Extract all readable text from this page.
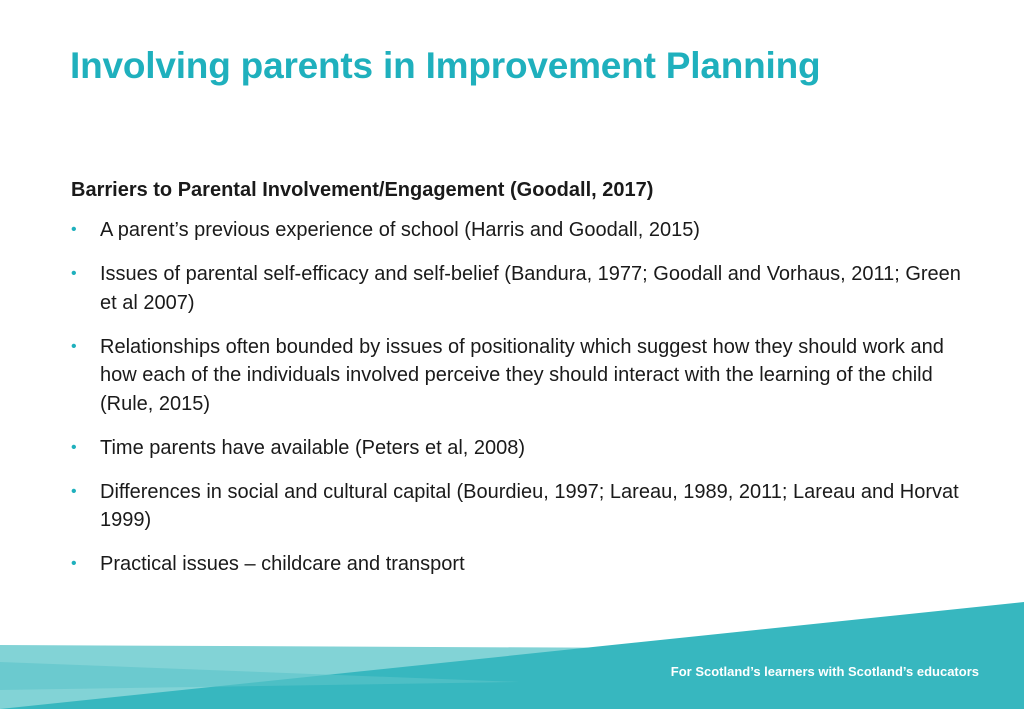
Involving parents in Improvement Planning
Barriers to Parental Involvement/Engagement (Goodall, 2017)
• A parent’s previous experience of school (Harris and Goodall, 2015)
• Issues of parental self-efficacy and self-belief (Bandura, 1977; Goodall and Vorhaus, 2011; Green et al 2007)
• Relationships often bounded by issues of positionality which suggest how they should work and how each of the individuals involved perceive they should interact with the learning of the child (Rule, 2015)
• Time parents have available (Peters et al, 2008)
• Differences in social and cultural capital (Bourdieu, 1997; Lareau, 1989, 2011; Lareau and Horvat 1999)
• Practical issues – childcare and transport
For Scotland’s learners with Scotland’s educators
